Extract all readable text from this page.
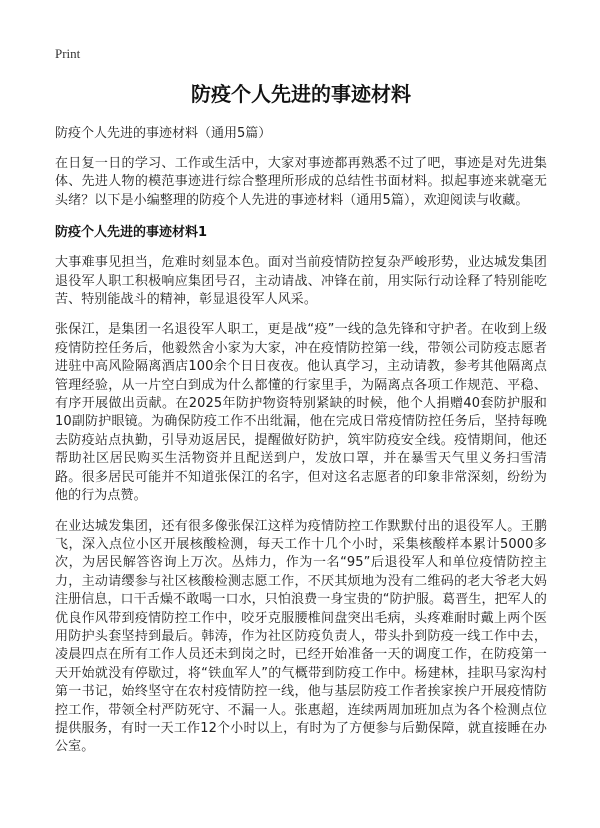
Print
防疫个人先进的事迹材料
防疫个人先进的事迹材料（通用5篇）

在日复一日的学习、工作或生活中，大家对事迹都再熟悉不过了吧，事迹是对先进集体、先进人物的模范事迹进行综合整理所形成的总结性书面材料。拟起事迹来就毫无头绪？以下是小编整理的防疫个人先进的事迹材料（通用5篇），欢迎阅读与收藏。

防疫个人先进的事迹材料1

大事难事见担当，危难时刻显本色。面对当前疫情防控复杂严峻形势，业达城发集团退役军人职工积极响应集团号召，主动请战、冲锋在前，用实际行动诠释了特别能吃苦、特别能战斗的精神，彰显退役军人风采。

张保江，是集团一名退役军人职工，更是战“疫”一线的急先锋和守护者。在收到上级疫情防控任务后，他毅然舍小家为大家，冲在疫情防控第一线，带领公司防疫志愿者进驻中高风险隔离酒店100余个日日夜夜。他认真学习，主动请教，参考其他隔离点管理经验，从一片空白到成为什么都懂的行家里手，为隔离点各项工作规范、平稳、有序开展做出贡献。在2025年防护物资特别紧缺的时候，他个人捐赠40套防护服和10副防护眼镜。为确保防疫工作不出纰漏，他在完成日常疫情防控任务后，坚持每晚去防疫站点执勤，引导劝返居民，提醒做好防护，筑牢防疫安全线。疫情期间，他还帮助社区居民购买生活物资并且配送到户，发放口罩，并在暴雪天气里义务扫雪清路。很多居民可能并不知道张保江的名字，但对这名志愿者的印象非常深刻，纷纷为他的行为点赞。

在业达城发集团，还有很多像张保江这样为疫情防控工作默默付出的退役军人。王鹏飞，深入点位小区开展核酸检测，每天工作十几个小时，采集核酸样本累计5000多次，为居民解答咨询上万次。丛炜力，作为一名“95”后退役军人和单位疫情防控主力，主动请缨参与社区核酸检测志愿工作，不厌其烦地为没有二维码的老大爷老大妈注册信息，口干舌燥不敢喝一口水，只怕浪费一身宝贵的“防护服。葛晋生，把军人的优良作风带到疫情防控工作中，咬牙克服腰椎间盘突出毛病，头疼难耐时戴上两个医用防护头套坚持到最后。韩涛，作为社区防疫负责人，带头扑到防疫一线工作中去，凌晨四点在所有工作人员还未到岗之时，已经开始准备一天的调度工作，在防疫第一天开始就没有停歇过，将“铁血军人”的气概带到防疫工作中。杨建林，挂职马家沟村第一书记，始终坚守在农村疫情防控一线，他与基层防疫工作者挨家挨户开展疫情防控工作，带领全村严防死守、不漏一人。张惠超，连续两周加班加点为各个检测点位提供服务，有时一天工作12个小时以上，有时为了方便参与后勤保障，就直接睡在办公室。
